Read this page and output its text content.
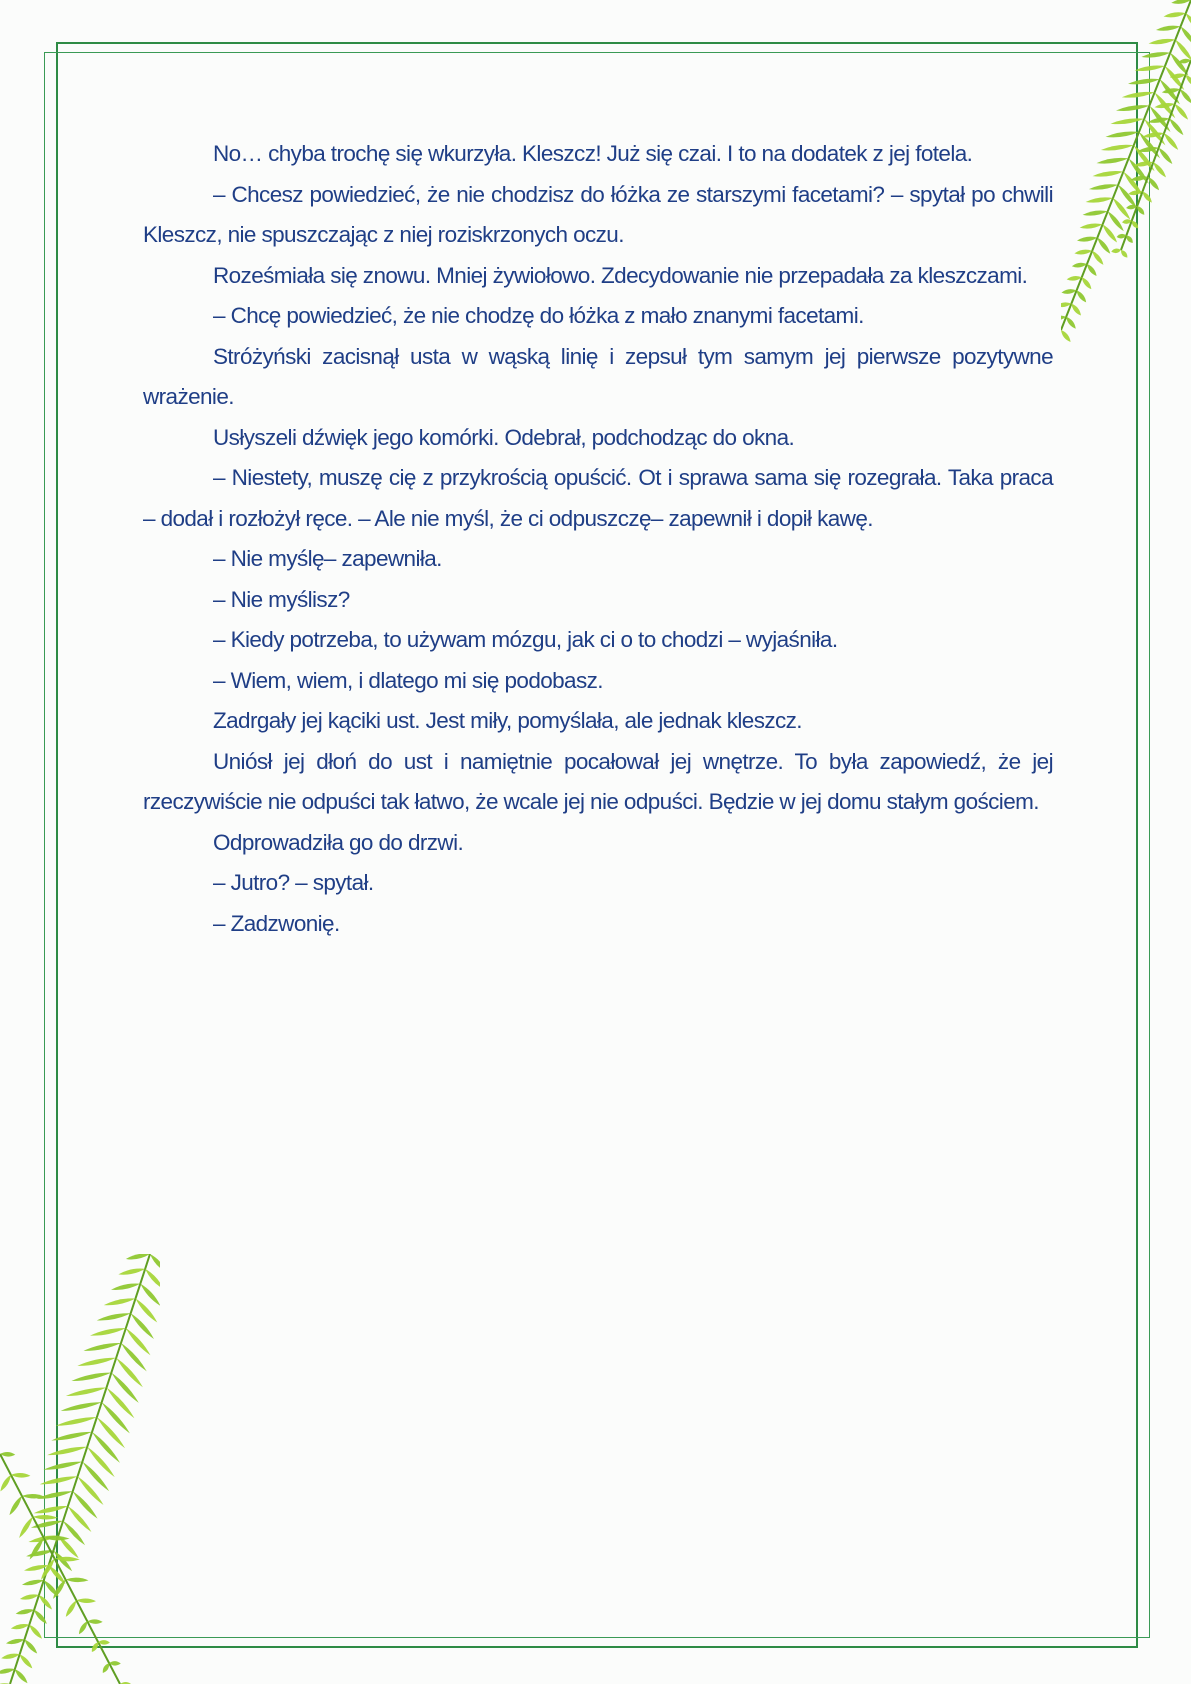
No… chyba trochę się wkurzyła. Kleszcz! Już się czai. I to na dodatek z jej fotela.

– Chcesz powiedzieć, że nie chodzisz do łóżka ze starszymi facetami? – spytał po chwili Kleszcz, nie spuszczając z niej roziskrzonych oczu.

Roześmiała się znowu. Mniej żywiołowo. Zdecydowanie nie przepadała za kleszczami.

– Chcę powiedzieć, że nie chodzę do łóżka z mało znanymi facetami.

Stróżyński zacisnął usta w wąską linię i zepsuł tym samym jej pierwsze pozytywne wrażenie.

Usłyszeli dźwięk jego komórki. Odebrał, podchodząc do okna.

– Niestety, muszę cię z przykrością opuścić. Ot i sprawa sama się rozegrała. Taka praca – dodał i rozłożył ręce. – Ale nie myśl, że ci odpuszczę– zapewnił i dopił kawę.

– Nie myślę– zapewniła.

– Nie myślisz?

– Kiedy potrzeba, to używam mózgu, jak ci o to chodzi – wyjaśniła.

– Wiem, wiem, i dlatego mi się podobasz.

Zadrgały jej kąciki ust. Jest miły, pomyślała, ale jednak kleszcz.

Uniósł jej dłoń do ust i namiętnie pocałował jej wnętrze. To była zapowiedź, że jej rzeczywiście nie odpuści tak łatwo, że wcale jej nie odpuści. Będzie w jej domu stałym gościem.

Odprowadziła go do drzwi.

– Jutro? – spytał.

– Zadzwonię.
